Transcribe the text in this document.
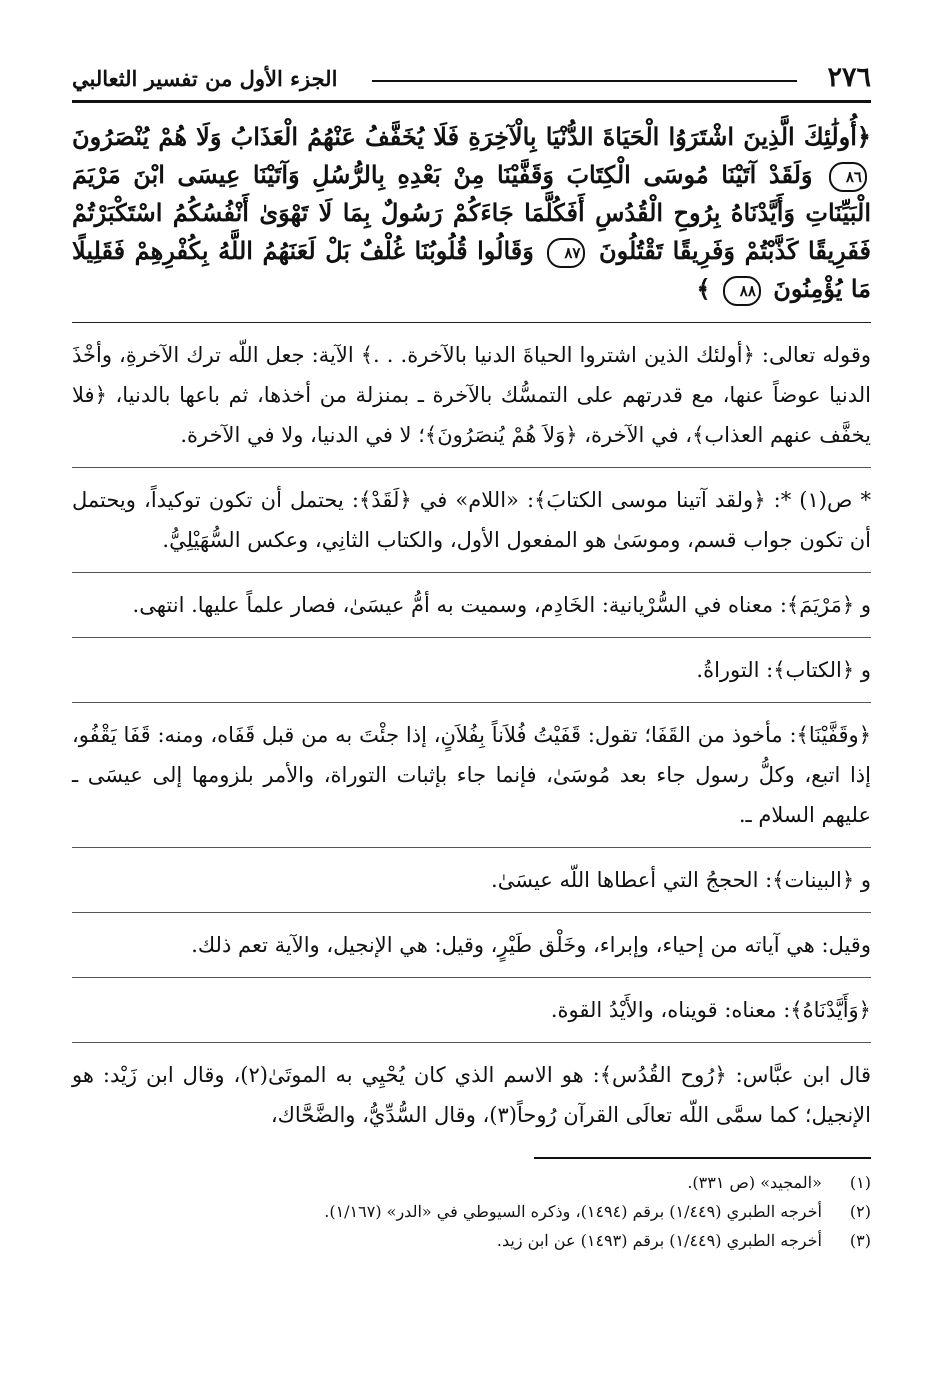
٢٧٦
الجزء الأول من تفسير الثعالبي

﴿أُولَٰئِكَ الَّذِينَ اشْتَرَوُا الْحَيَاةَ الدُّنْيَا بِالْآخِرَةِ فَلَا يُخَفَّفُ عَنْهُمُ الْعَذَابُ وَلَا هُمْ يُنْصَرُونَ ٨٦ وَلَقَدْ آتَيْنَا مُوسَى الْكِتَابَ وَقَفَّيْنَا مِنْ بَعْدِهِ بِالرُّسُلِ وَآتَيْنَا عِيسَى ابْنَ مَرْيَمَ الْبَيِّنَاتِ وَأَيَّدْنَاهُ بِرُوحِ الْقُدُسِ أَفَكُلَّمَا جَاءَكُمْ رَسُولٌ بِمَا لَا تَهْوَىٰ أَنْفُسُكُمُ اسْتَكْبَرْتُمْ فَفَرِيقًا كَذَّبْتُمْ وَفَرِيقًا تَقْتُلُونَ ٨٧ وَقَالُوا قُلُوبُنَا غُلْفٌ بَلْ لَعَنَهُمُ اللَّهُ بِكُفْرِهِمْ فَقَلِيلًا مَا يُؤْمِنُونَ ٨٨ ﴾

وقوله تعالى: ﴿أولئك الذين اشتروا الحياةَ الدنيا بالآخرة. . .﴾ الآية: جعل اللّه ترك الآخرةِ، وأخْذَ الدنيا عوضاً عنها، مع قدرتهم على التمسُّك بالآخرة ـ بمنزلة من أخذها، ثم باعها بالدنيا، ﴿فلا يخفَّف عنهم العذاب﴾، في الآخرة، ﴿وَلاَ هُمْ يُنصَرُونَ﴾؛ لا في الدنيا، ولا في الآخرة.

* ص(١) *: ﴿ولقد آتينا موسى الكتابَ﴾: «اللام» في ﴿لَقَدْ﴾: يحتمل أن تكون توكيداً، ويحتمل أن تكون جواب قسم، وموسَىٰ هو المفعول الأول، والكتاب الثانِي، وعكس السُّهَيْلِيُّ.

و ﴿مَرْيَمَ﴾: معناه في السُّرْيانية: الخَادِم، وسميت به أمُّ عيسَىٰ، فصار علماً عليها. انتهى.

و ﴿الكتاب﴾: التوراةُ.

﴿وقَفَّيْنَا﴾: مأخوذ من القَفَا؛ تقول: قَفَيْتُ فُلاَناً بِفُلاَنٍ، إذا جئْتَ به من قبل قَفَاه، ومنه: قَفَا يَقْفُو، إذا اتبع، وكلُّ رسول جاء بعد مُوسَىٰ، فإنما جاء بإثبات التوراة، والأمر بلزومها إلى عيسَى ـ عليهم السلام ـ.

و ﴿البينات﴾: الحججُ التي أعطاها اللّه عيسَىٰ.

وقيل: هي آياته من إحياء، وإبراء، وخَلْق طَيْرٍ، وقيل: هي الإنجيل، والآية تعم ذلك.

﴿وَأَيَّدْنَاهُ﴾: معناه: قويناه، والأَيْدُ القوة.

قال ابن عبَّاس: ﴿رُوح القُدُس﴾: هو الاسم الذي كان يُحْيِي به الموتَىٰ(٢)، وقال ابن زَيْد: هو الإنجيل؛ كما سمَّى اللّه تعالَى القرآن رُوحاً(٣)، وقال السُّدِّيُّ، والضَّحَّاك،

(١) «المجيد» (ص ٣٣١).

(٢) أخرجه الطبري (١/٤٤٩) برقم (١٤٩٤)، وذكره السيوطي في «الدر» (١/١٦٧).

(٣) أخرجه الطبري (١/٤٤٩) برقم (١٤٩٣) عن ابن زيد.
